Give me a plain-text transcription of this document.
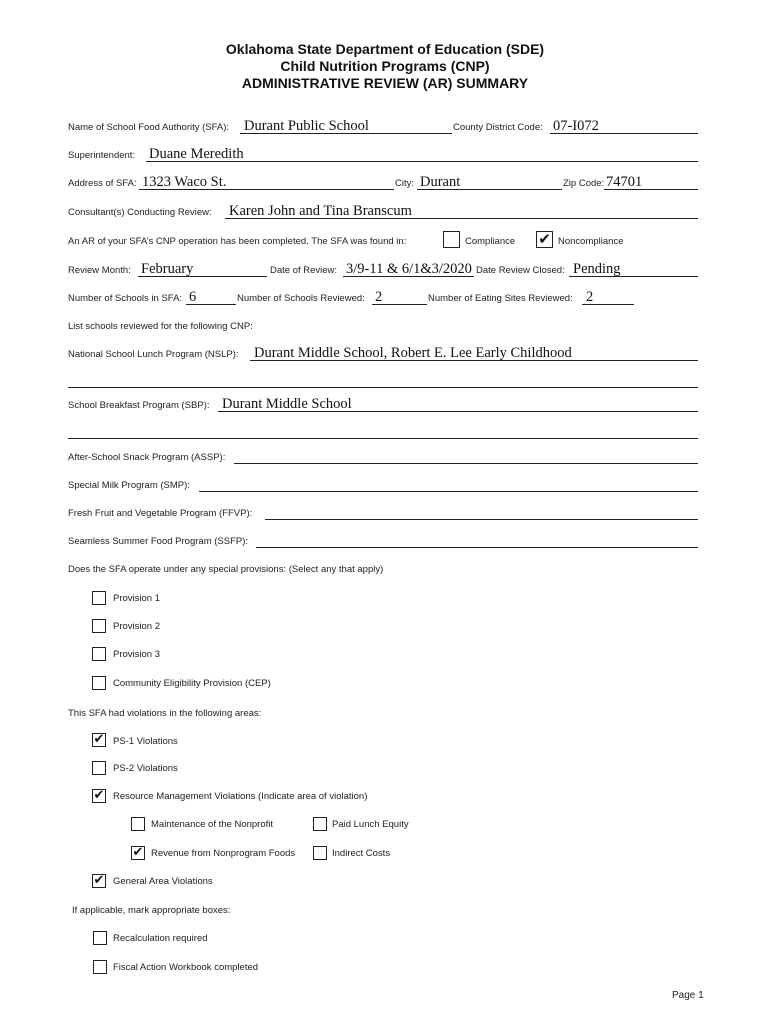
Oklahoma State Department of Education (SDE)
Child Nutrition Programs (CNP)
ADMINISTRATIVE REVIEW (AR) SUMMARY
Name of School Food Authority (SFA): Durant Public School	County District Code: 07-I072
Superintendent: Duane Meredith
Address of SFA: 1323 Waco St.	City: Durant	Zip Code: 74701
Consultant(s) Conducting Review: Karen John and Tina Branscum
An AR of your SFA’s CNP operation has been completed. The SFA was found in:	Compliance ✔ Noncompliance
Review Month: February	Date of Review: 3/9-11 & 6/1&3/2020 Date Review Closed: Pending
Number of Schools in SFA: 6	Number of Schools Reviewed: 2	Number of Eating Sites Reviewed: 2
List schools reviewed for the following CNP:
National School Lunch Program (NSLP): Durant Middle School, Robert E. Lee Early Childhood
School Breakfast Program (SBP): Durant Middle School
After-School Snack Program (ASSP):
Special Milk Program (SMP):
Fresh Fruit and Vegetable Program (FFVP):
Seamless Summer Food Program (SSFP):
Does the SFA operate under any special provisions: (Select any that apply)
Provision 1
Provision 2
Provision 3
Community Eligibility Provision (CEP)
This SFA had violations in the following areas:
✔ PS-1 Violations
PS-2 Violations
✔ Resource Management Violations (Indicate area of violation)
Maintenance of the Nonprofit	Paid Lunch Equity
✔ Revenue from Nonprogram Foods	Indirect Costs
✔ General Area Violations
If applicable, mark appropriate boxes:
Recalculation required
Fiscal Action Workbook completed
Page 1
